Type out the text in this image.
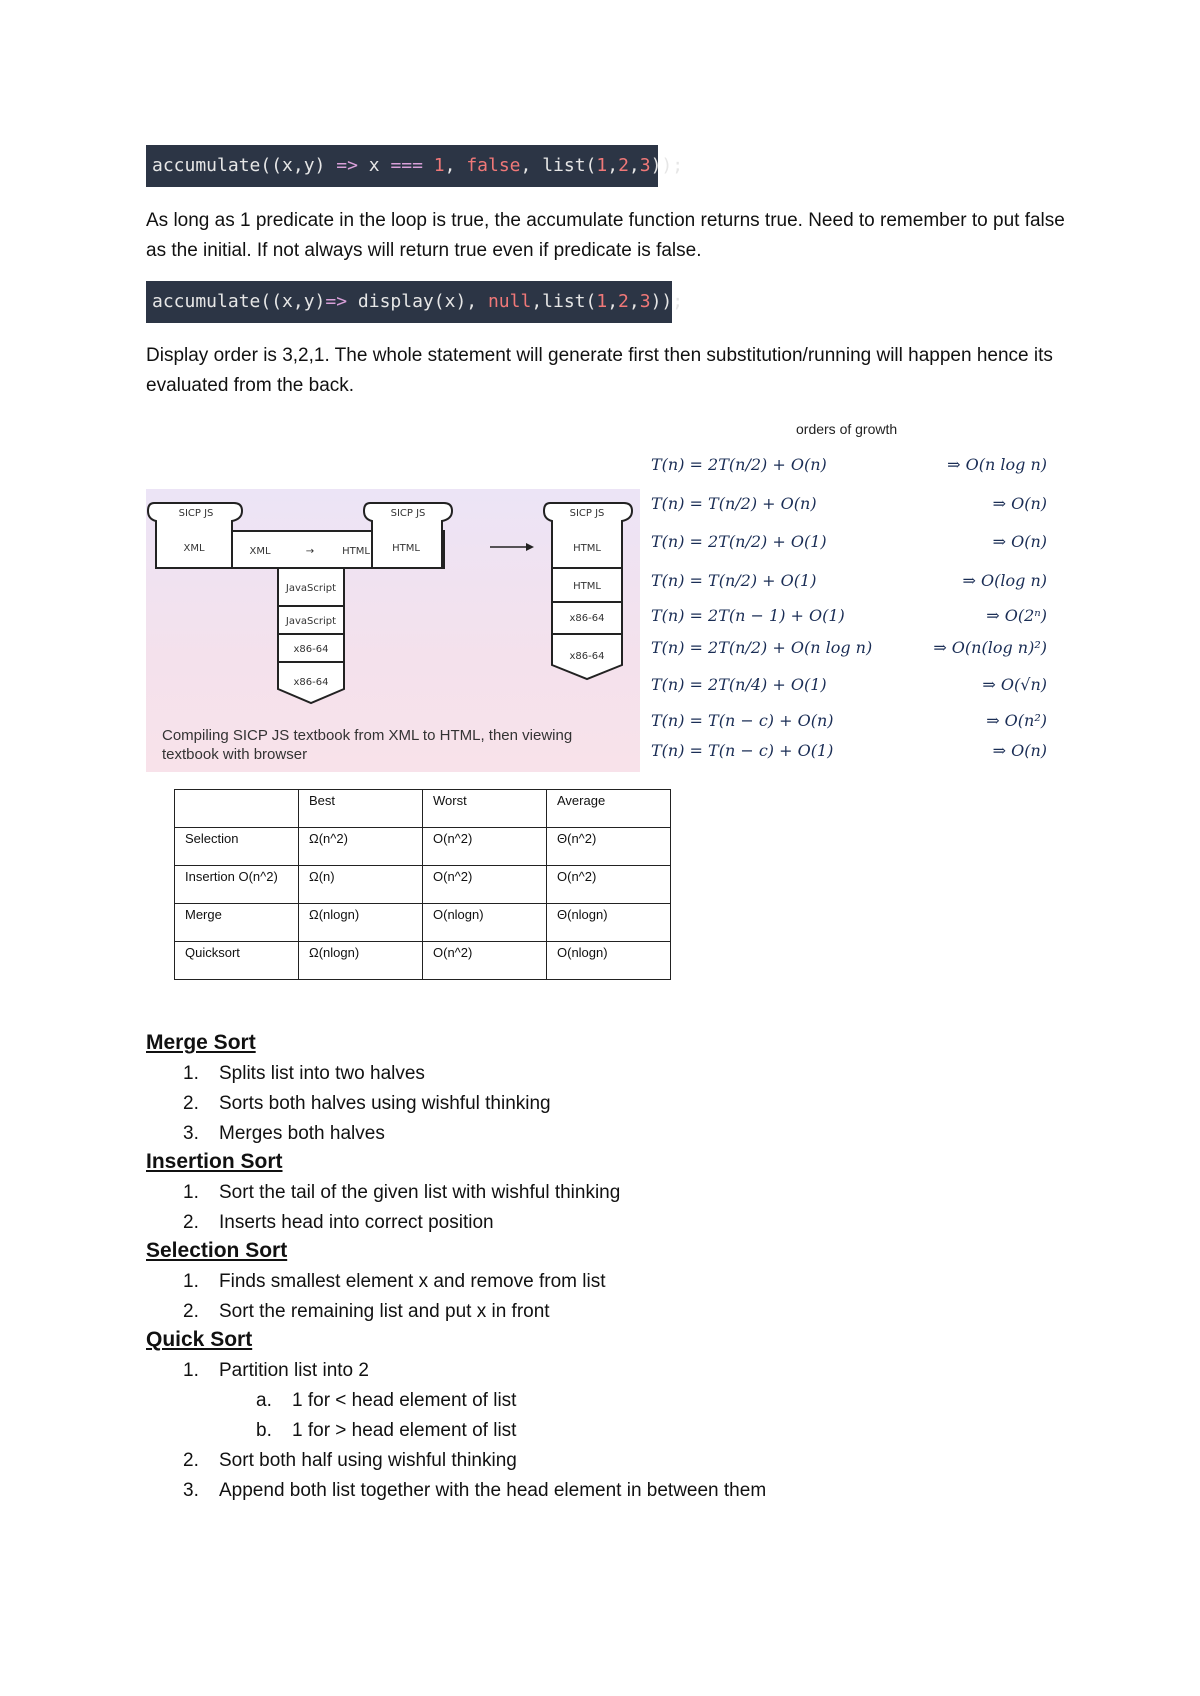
accumulate((x,y) => x === 1, false, list(1,2,3));
As long as 1 predicate in the loop is true, the accumulate function returns true. Need to remember to put false as the initial. If not always will return true even if predicate is false.
accumulate((x,y)=> display(x), null,list(1,2,3));
Display order is 3,2,1. The whole statement will generate first then substitution/running will happen hence its evaluated from the back.
SICP JS
XML	XML	→	HTML
SICP JS
HTML
JavaScript
JavaScript
x86-64
x86-64
SICP JS
HTML
HTML
x86-64
x86-64
Compiling SICP JS textbook from XML to HTML, then viewing textbook with browser
orders of growth
T(n) = 2T(n/2) + O(n)	⇒ O(n log n)
T(n) = T(n/2) + O(n)	⇒ O(n)
T(n) = 2T(n/2) + O(1)	⇒ O(n)
T(n) = T(n/2) + O(1)	⇒ O(log n)
T(n) = 2T(n − 1) + O(1)	⇒ O(2ⁿ)
T(n) = 2T(n/2) + O(n log n)	⇒ O(n(log n)²)
T(n) = 2T(n/4) + O(1)	⇒ O(√n)
T(n) = T(n − c) + O(n)	⇒ O(n²)
T(n) = T(n − c) + O(1)	⇒ O(n)
	Best	Worst	Average
Selection	Ω(n^2)	O(n^2)	Θ(n^2)
Insertion O(n^2)	Ω(n)	O(n^2)	O(n^2)
Merge	Ω(nlogn)	O(nlogn)	Θ(nlogn)
Quicksort	Ω(nlogn)	O(n^2)	O(nlogn)
Merge Sort
1. Splits list into two halves
2. Sorts both halves using wishful thinking
3. Merges both halves
Insertion Sort
1. Sort the tail of the given list with wishful thinking
2. Inserts head into correct position
Selection Sort
1. Finds smallest element x and remove from list
2. Sort the remaining list and put x in front
Quick Sort
1. Partition list into 2
a. 1 for < head element of list
b. 1 for > head element of list
2. Sort both half using wishful thinking
3. Append both list together with the head element in between them
